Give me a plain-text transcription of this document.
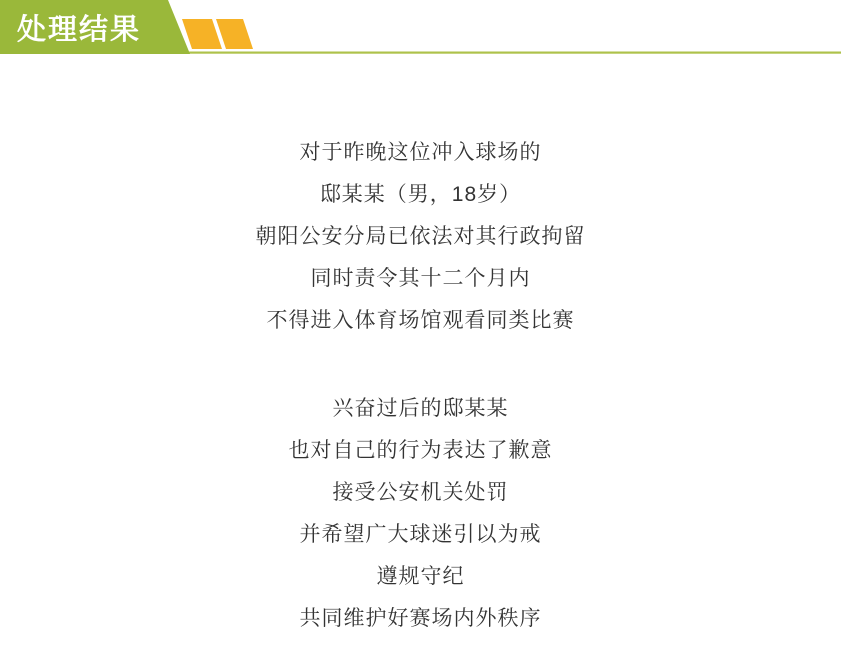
处理结果
对于昨晚这位冲入球场的
邸某某（男，18岁）
朝阳公安分局已依法对其行政拘留
同时责令其十二个月内
不得进入体育场馆观看同类比赛
兴奋过后的邸某某
也对自己的行为表达了歉意
接受公安机关处罚
并希望广大球迷引以为戒
遵规守纪
共同维护好赛场内外秩序
